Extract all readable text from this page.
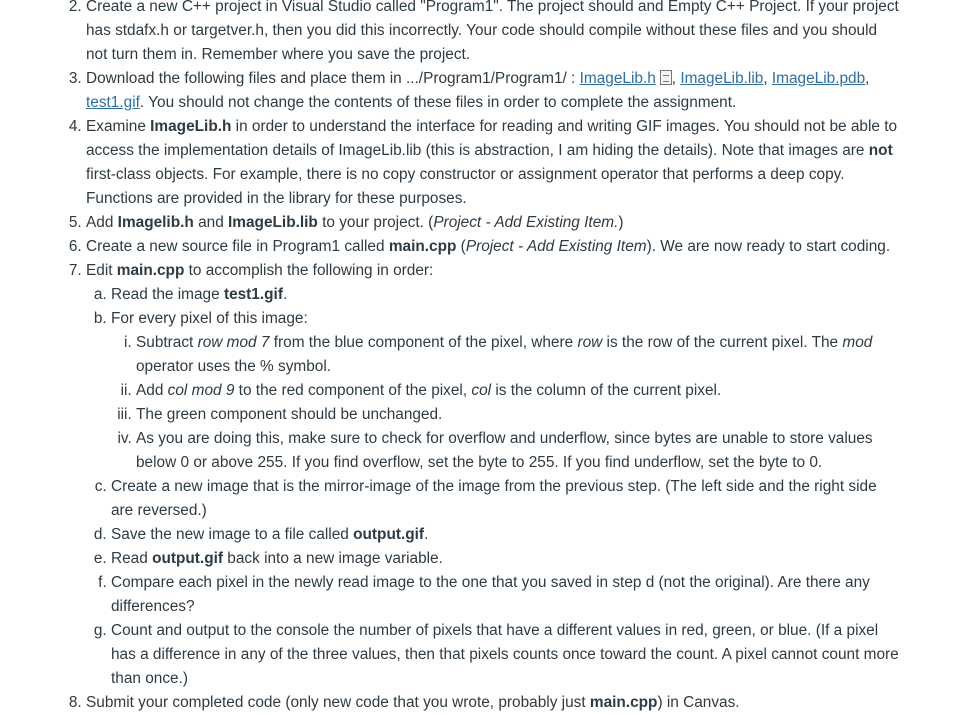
2. Create a new C++ project in Visual Studio called "Program1". The project should and Empty C++ Project. If your project has stdafx.h or targetver.h, then you did this incorrectly. Your code should compile without these files and you should not turn them in. Remember where you save the project.
3. Download the following files and place them in .../Program1/Program1/ : ImageLib.h , ImageLib.lib, ImageLib.pdb, test1.gif. You should not change the contents of these files in order to complete the assignment.
4. Examine ImageLib.h in order to understand the interface for reading and writing GIF images. You should not be able to access the implementation details of ImageLib.lib (this is abstraction, I am hiding the details). Note that images are not first-class objects. For example, there is no copy constructor or assignment operator that performs a deep copy. Functions are provided in the library for these purposes.
5. Add Imagelib.h and ImageLib.lib to your project. (Project - Add Existing Item.)
6. Create a new source file in Program1 called main.cpp (Project - Add Existing Item). We are now ready to start coding.
7. Edit main.cpp to accomplish the following in order:
a. Read the image test1.gif.
b. For every pixel of this image:
i. Subtract row mod 7 from the blue component of the pixel, where row is the row of the current pixel. The mod operator uses the % symbol.
ii. Add col mod 9 to the red component of the pixel, col is the column of the current pixel.
iii. The green component should be unchanged.
iv. As you are doing this, make sure to check for overflow and underflow, since bytes are unable to store values below 0 or above 255. If you find overflow, set the byte to 255. If you find underflow, set the byte to 0.
c. Create a new image that is the mirror-image of the image from the previous step. (The left side and the right side are reversed.)
d. Save the new image to a file called output.gif.
e. Read output.gif back into a new image variable.
f. Compare each pixel in the newly read image to the one that you saved in step d (not the original). Are there any differences?
g. Count and output to the console the number of pixels that have a different values in red, green, or blue. (If a pixel has a difference in any of the three values, then that pixels counts once toward the count. A pixel cannot count more than once.)
8. Submit your completed code (only new code that you wrote, probably just main.cpp) in Canvas.
